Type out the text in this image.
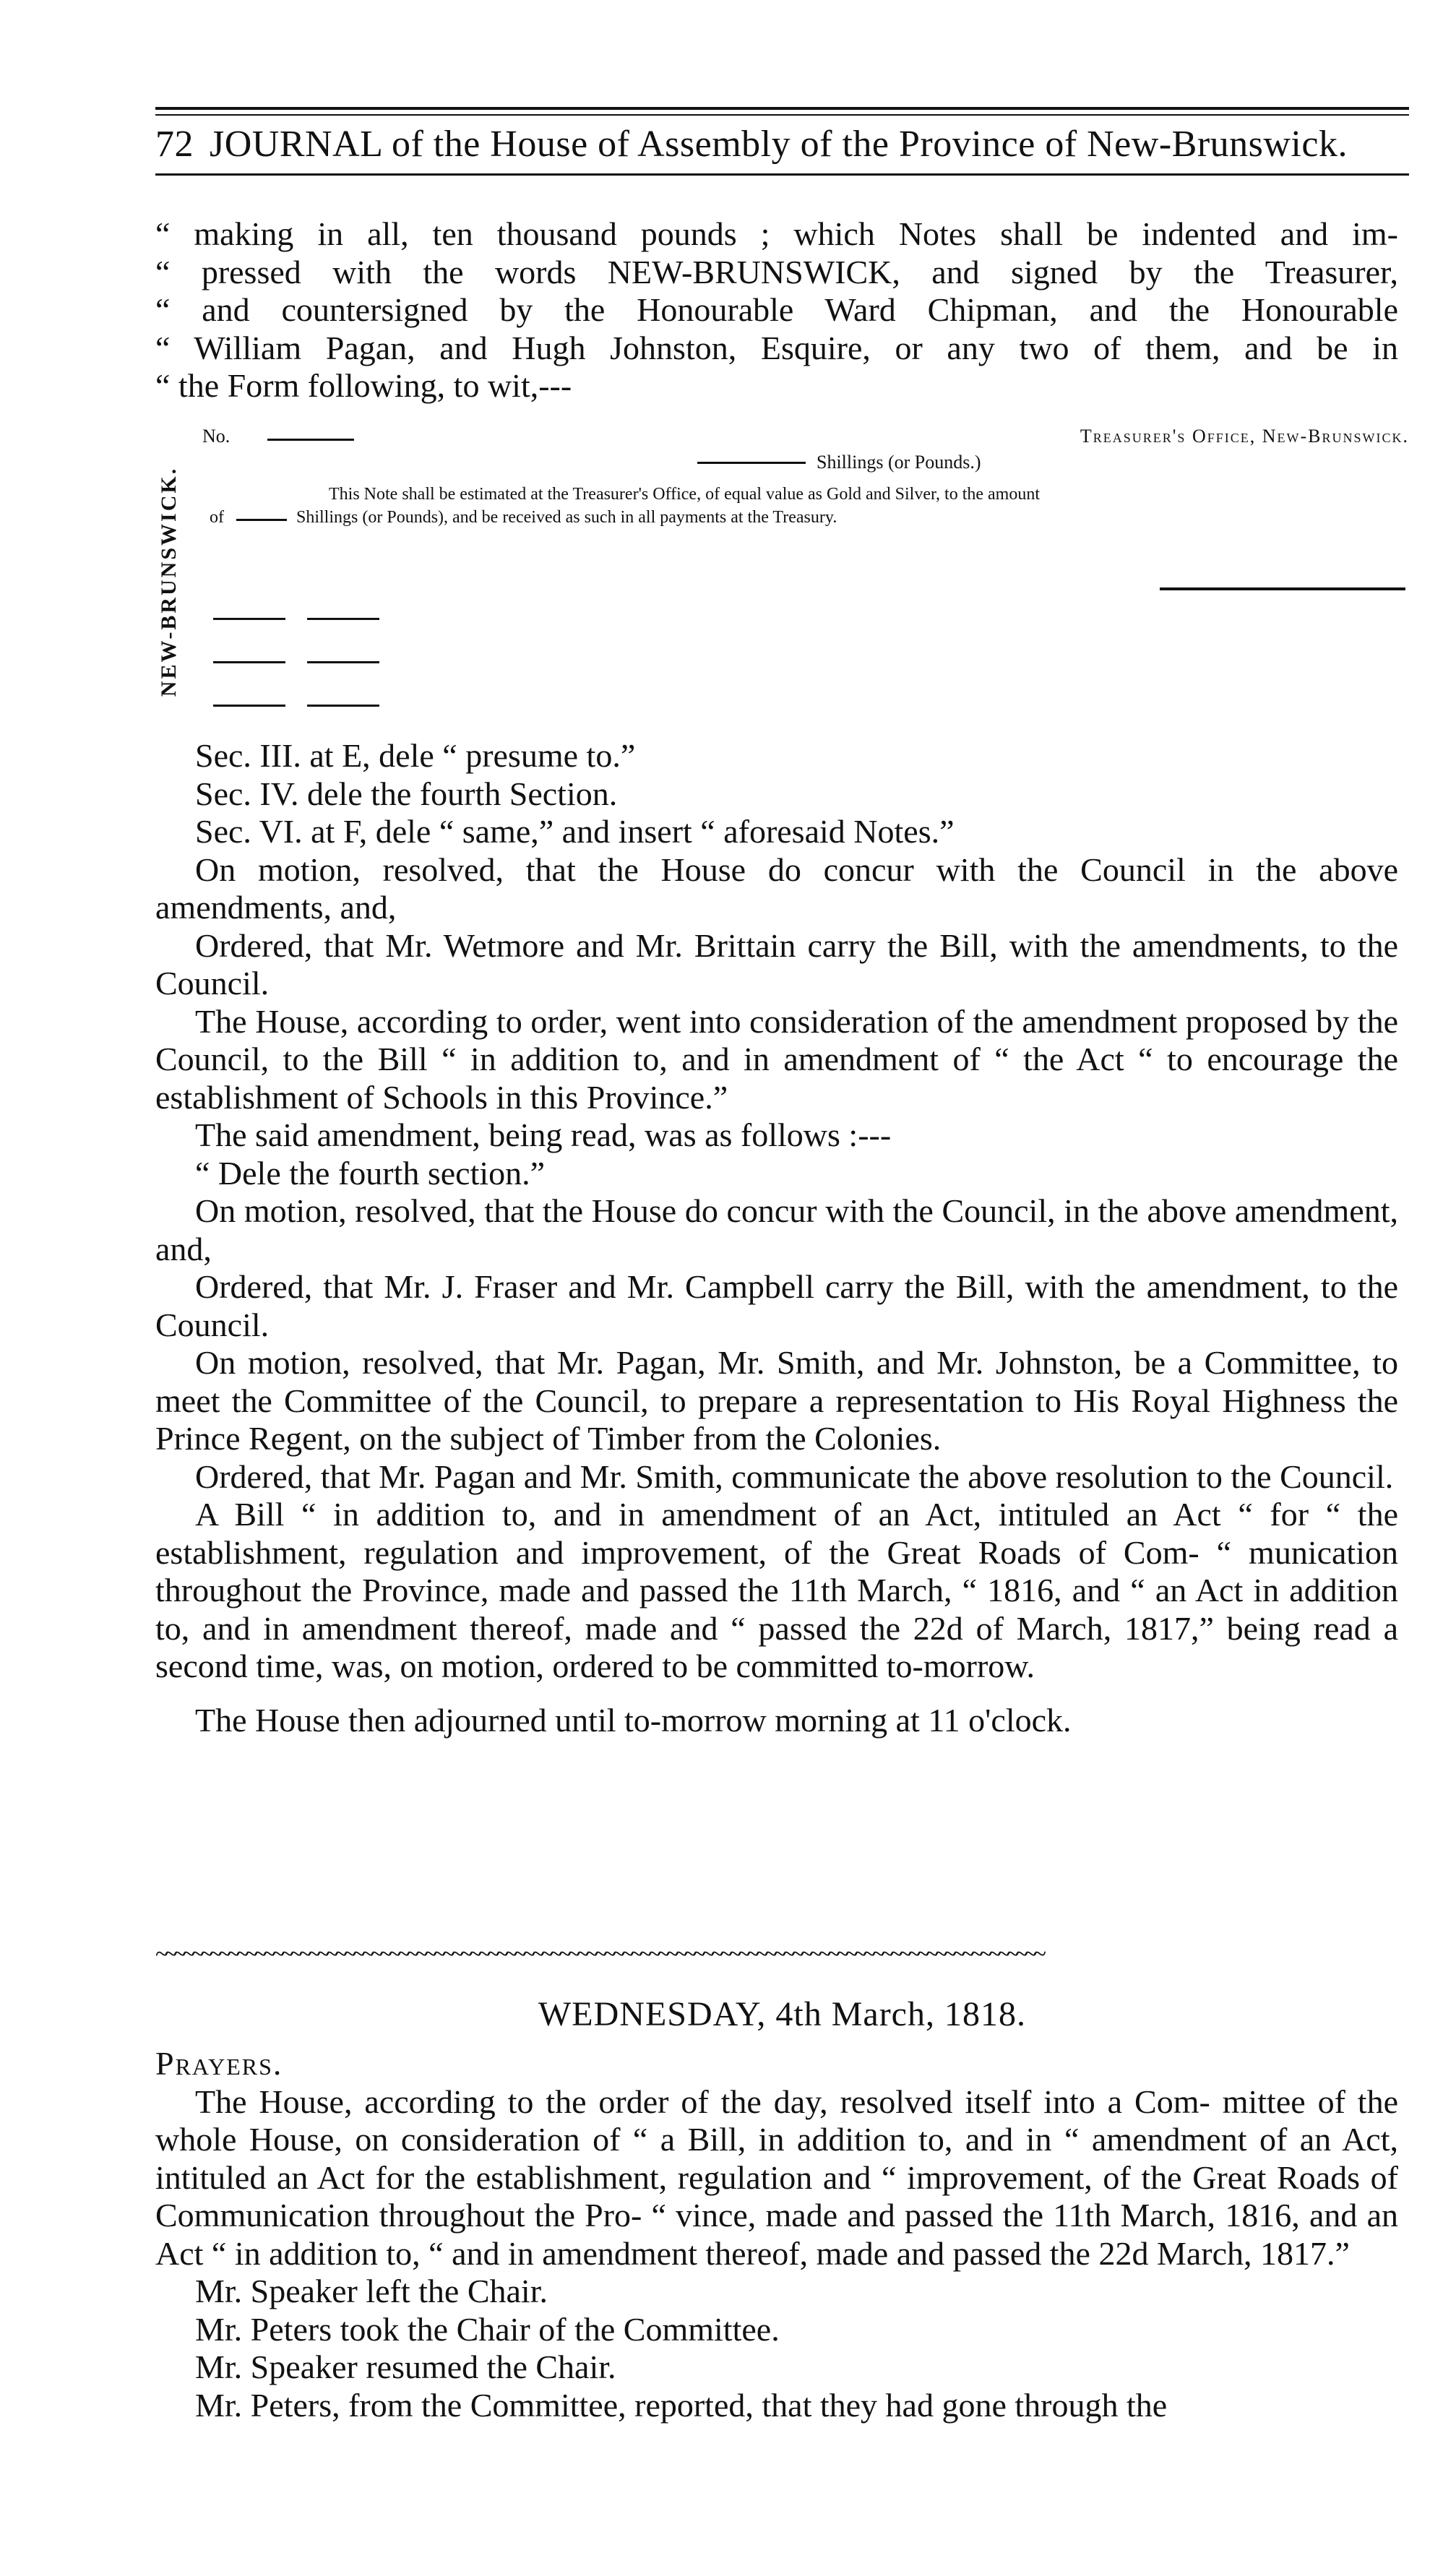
72 JOURNAL of the House of Assembly of the Province of New-Brunswick.

“ making in all, ten thousand pounds ; which Notes shall be indented and im-

“ pressed with the words NEW-BRUNSWICK, and signed by the Treasurer,

“ and countersigned by the Honourable Ward Chipman, and the Honourable

“ William Pagan, and Hugh Johnston, Esquire, or any two of them, and be in

“ the Form following, to wit,---

NEW-BRUNSWICK.
No.	Treasurer's Office, New-Brunswick.
Shillings (or Pounds.)
This Note shall be estimated at the Treasurer's Office, of equal value as Gold and Silver, to the amount
of	Shillings (or Pounds), and be received as such in all payments at the Treasury.

Sec. III. at E, dele “ presume to.”

Sec. IV. dele the fourth Section.

Sec. VI. at F, dele “ same,” and insert “ aforesaid Notes.”

On motion, resolved, that the House do concur with the Council in the above amendments, and,

Ordered, that Mr. Wetmore and Mr. Brittain carry the Bill, with the amendments, to the Council.

The House, according to order, went into consideration of the amendment proposed by the Council, to the Bill “ in addition to, and in amendment of “ the Act “ to encourage the establishment of Schools in this Province.”

The said amendment, being read, was as follows :---

“ Dele the fourth section.”

On motion, resolved, that the House do concur with the Council, in the above amendment, and,

Ordered, that Mr. J. Fraser and Mr. Campbell carry the Bill, with the amendment, to the Council.

On motion, resolved, that Mr. Pagan, Mr. Smith, and Mr. Johnston, be a Committee, to meet the Committee of the Council, to prepare a representation to His Royal Highness the Prince Regent, on the subject of Timber from the Colonies.

Ordered, that Mr. Pagan and Mr. Smith, communicate the above resolution to the Council.

A Bill “ in addition to, and in amendment of an Act, intituled an Act “ for “ the establishment, regulation and improvement, of the Great Roads of Com- “ munication throughout the Province, made and passed the 11th March, “ 1816, and “ an Act in addition to, and in amendment thereof, made and “ passed the 22d of March, 1817,” being read a second time, was, on motion, ordered to be committed to-morrow.

The House then adjourned until to-morrow morning at 11 o'clock.

~~~~~~~~~~~~~~~~~~~~~~~~~~~~~~~~~~~~~~~~~~~~~~~~~~~~~~~~~~~~~~~~~~~~~~~~~~~~~~~~~~~~~~~~~~~~~~~~~~~
WEDNESDAY, 4th March, 1818.

Prayers.

The House, according to the order of the day, resolved itself into a Com- mittee of the whole House, on consideration of “ a Bill, in addition to, and in “ amendment of an Act, intituled an Act for the establishment, regulation and “ improvement, of the Great Roads of Communication throughout the Pro- “ vince, made and passed the 11th March, 1816, and an Act “ in addition to, “ and in amendment thereof, made and passed the 22d March, 1817.”

Mr. Speaker left the Chair.

Mr. Peters took the Chair of the Committee.

Mr. Speaker resumed the Chair.

Mr. Peters, from the Committee, reported, that they had gone through the
